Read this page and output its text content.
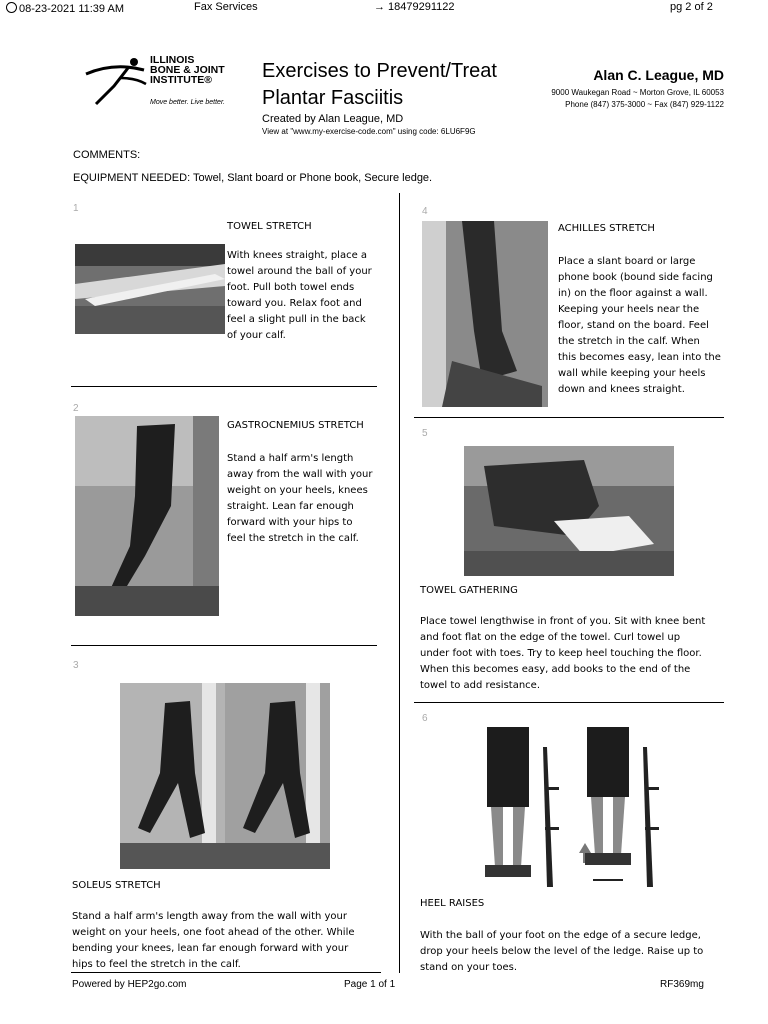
08-23-2021 11:39 AM	Fax Services	→ 18479291122	pg 2 of 2
ILLINOIS
BONE & JOINT
INSTITUTE®
Move better. Live better.
Exercises to Prevent/Treat
Plantar Fasciitis
Created by Alan League, MD
View at "www.my-exercise-code.com" using code: 6LU6F9G
Alan C. League, MD
9000 Waukegan Road ~ Morton Grove, IL 60053
Phone (847) 375-3000 ~ Fax (847) 929-1122
COMMENTS:
EQUIPMENT NEEDED: Towel, Slant board or Phone book, Secure ledge.
1
TOWEL STRETCH
With knees straight, place a
towel around the ball of your
foot. Pull both towel ends
toward you. Relax foot and
feel a slight pull in the back
of your calf.
2
GASTROCNEMIUS STRETCH
Stand a half arm's length
away from the wall with your
weight on your heels, knees
straight. Lean far enough
forward with your hips to
feel the stretch in the calf.
3
SOLEUS STRETCH
Stand a half arm's length away from the wall with your
weight on your heels, one foot ahead of the other. While
bending your knees, lean far enough forward with your
hips to feel the stretch in the calf.
4
ACHILLES STRETCH
Place a slant board or large
phone book (bound side facing
in) on the floor against a wall.
Keeping your heels near the
floor, stand on the board. Feel
the stretch in the calf. When
this becomes easy, lean into the
wall while keeping your heels
down and knees straight.
5
TOWEL GATHERING
Place towel lengthwise in front of you. Sit with knee bent
and foot flat on the edge of the towel. Curl towel up
under foot with toes. Try to keep heel touching the floor.
When this becomes easy, add books to the end of the
towel to add resistance.
6
HEEL RAISES
With the ball of your foot on the edge of a secure ledge,
drop your heels below the level of the ledge. Raise up to
stand on your toes.
Powered by HEP2go.com	Page 1 of 1	RF369mg
